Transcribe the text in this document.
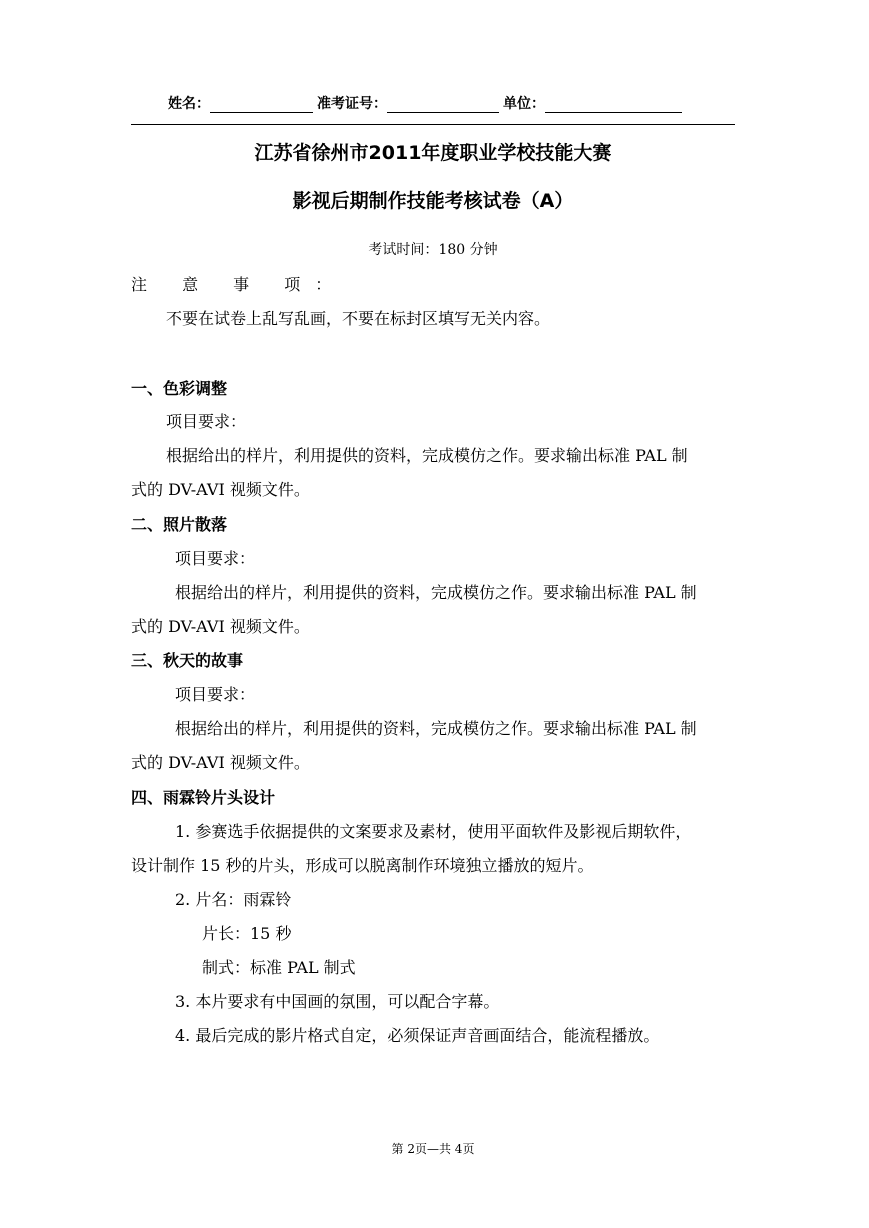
姓名：	准考证号：	单位：
江苏省徐州市2011年度职业学校技能大赛
影视后期制作技能考核试卷（A）
考试时间：180 分钟
注 意 事 项：
不要在试卷上乱写乱画，不要在标封区填写无关内容。
一、色彩调整
项目要求：
根据给出的样片，利用提供的资料，完成模仿之作。要求输出标准 PAL 制
式的 DV-AVI 视频文件。
二、照片散落
项目要求：
根据给出的样片，利用提供的资料，完成模仿之作。要求输出标准 PAL 制
式的 DV-AVI 视频文件。
三、秋天的故事
项目要求：
根据给出的样片，利用提供的资料，完成模仿之作。要求输出标准 PAL 制
式的 DV-AVI 视频文件。
四、雨霖铃片头设计
1. 参赛选手依据提供的文案要求及素材，使用平面软件及影视后期软件，
设计制作 15 秒的片头，形成可以脱离制作环境独立播放的短片。
2. 片名：雨霖铃
片长：15 秒
制式：标准 PAL 制式
3. 本片要求有中国画的氛围，可以配合字幕。
4. 最后完成的影片格式自定，必须保证声音画面结合，能流程播放。
第 2页—共 4页
